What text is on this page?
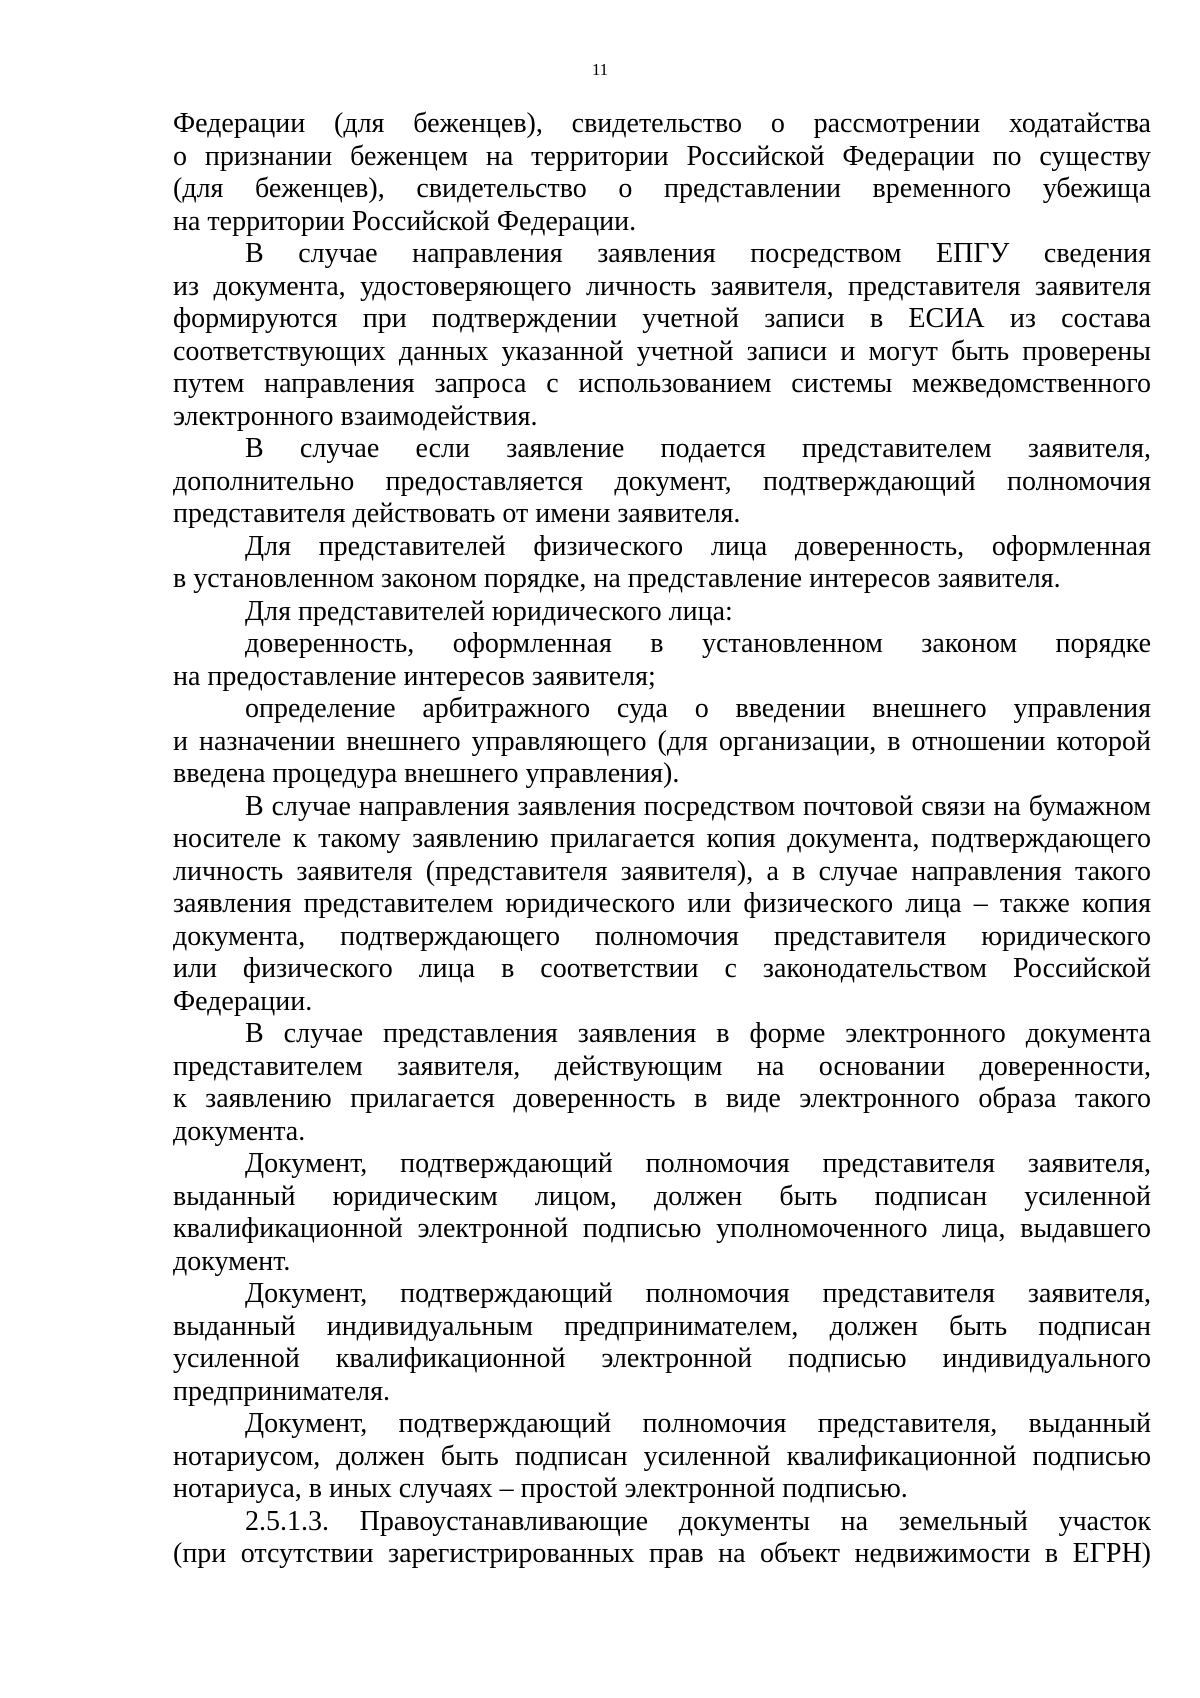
11
Федерации (для беженцев), свидетельство о рассмотрении ходатайства
о признании беженцем на территории Российской Федерации по существу
(для беженцев), свидетельство о представлении временного убежища
на территории Российской Федерации.
В случае направления заявления посредством ЕПГУ сведения
из документа, удостоверяющего личность заявителя, представителя заявителя
формируются при подтверждении учетной записи в ЕСИА из состава
соответствующих данных указанной учетной записи и могут быть проверены
путем направления запроса с использованием системы межведомственного
электронного взаимодействия.
В случае если заявление подается представителем заявителя,
дополнительно предоставляется документ, подтверждающий полномочия
представителя действовать от имени заявителя.
Для представителей физического лица доверенность, оформленная
в установленном законом порядке, на представление интересов заявителя.
Для представителей юридического лица:
доверенность, оформленная в установленном законом порядке
на предоставление интересов заявителя;
определение арбитражного суда о введении внешнего управления
и назначении внешнего управляющего (для организации, в отношении которой
введена процедура внешнего управления).
В случае направления заявления посредством почтовой связи на бумажном
носителе к такому заявлению прилагается копия документа, подтверждающего
личность заявителя (представителя заявителя), а в случае направления такого
заявления представителем юридического или физического лица – также копия
документа, подтверждающего полномочия представителя юридического
или физического лица в соответствии с законодательством Российской
Федерации.
В случае представления заявления в форме электронного документа
представителем заявителя, действующим на основании доверенности,
к заявлению прилагается доверенность в виде электронного образа такого
документа.
Документ, подтверждающий полномочия представителя заявителя,
выданный юридическим лицом, должен быть подписан усиленной
квалификационной электронной подписью уполномоченного лица, выдавшего
документ.
Документ, подтверждающий полномочия представителя заявителя,
выданный индивидуальным предпринимателем, должен быть подписан
усиленной квалификационной электронной подписью индивидуального
предпринимателя.
Документ, подтверждающий полномочия представителя, выданный
нотариусом, должен быть подписан усиленной квалификационной подписью
нотариуса, в иных случаях – простой электронной подписью.
2.5.1.3. Правоустанавливающие документы на земельный участок
(при отсутствии зарегистрированных прав на объект недвижимости в ЕГРН)
